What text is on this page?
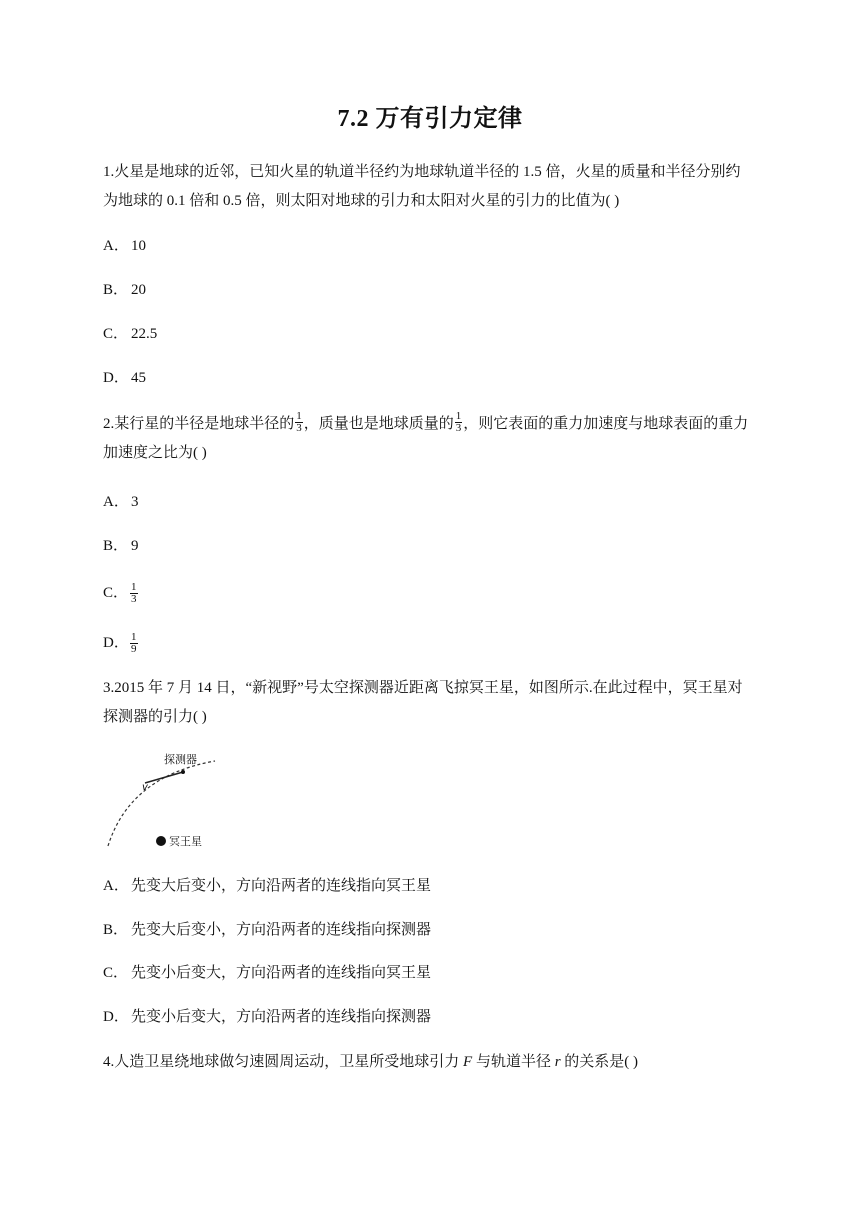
7.2 万有引力定律
1.火星是地球的近邻，已知火星的轨道半径约为地球轨道半径的 1.5 倍，火星的质量和半径分别约
为地球的 0.1 倍和 0.5 倍，则太阳对地球的引力和太阳对火星的引力的比值为( )
A． 10
B． 20
C． 22.5
D． 45
2.某行星的半径是地球半径的 $\frac{1}{3}$ ，质量也是地球质量的 $\frac{1}{3}$ ，则它表面的重力加速度与地球表面的重力
加速度之比为( )
A． 3
B． 9
C． $\frac{1}{3}$
D． $\frac{1}{9}$
3.2015 年 7 月 14 日，“新视野”号太空探测器近距离飞掠冥王星，如图所示.在此过程中，冥王星对
探测器的引力( )
探测器
v
冥王星
A． 先变大后变小，方向沿两者的连线指向冥王星
B． 先变大后变小，方向沿两者的连线指向探测器
C． 先变小后变大，方向沿两者的连线指向冥王星
D． 先变小后变大，方向沿两者的连线指向探测器
4.人造卫星绕地球做匀速圆周运动，卫星所受地球引力 F 与轨道半径 r 的关系是( )
